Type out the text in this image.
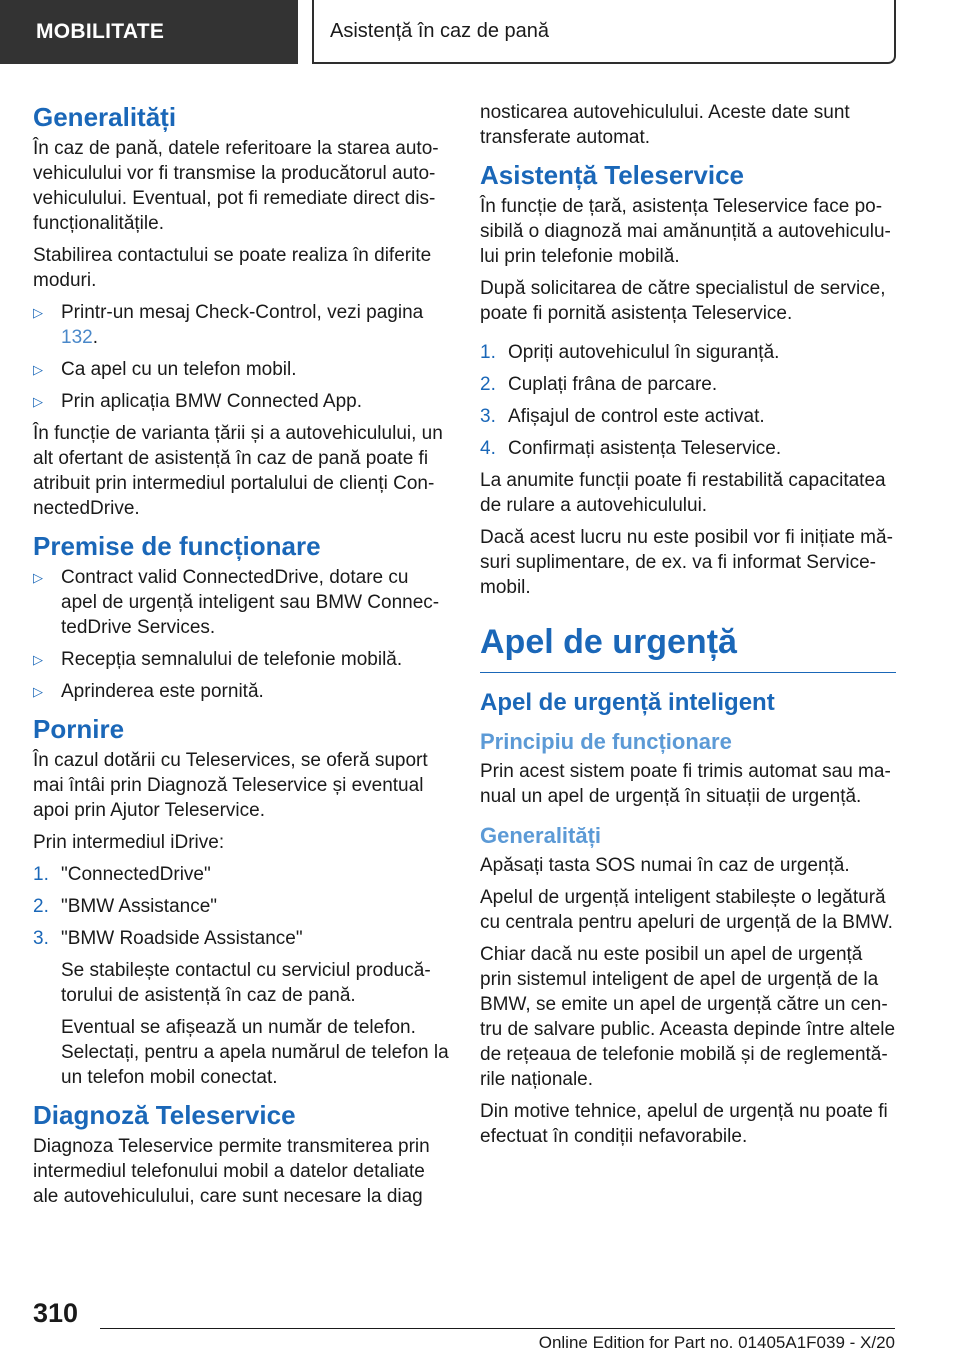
MOBILITATE	Asistență în caz de pană
Generalități

În caz de pană, datele referitoare la starea autovehiculului vor fi transmise la producătorul autovehiculului. Eventual, pot fi remediate direct disfuncționalitățile.

Stabilirea contactului se poate realiza în diferite moduri.

▷ Printr-un mesaj Check-Control, vezi pagina 132.
▷ Ca apel cu un telefon mobil.
▷ Prin aplicația BMW Connected App.

În funcție de varianta țării și a autovehiculului, un alt ofertant de asistență în caz de pană poate fi atribuit prin intermediul portalului de clienți ConnectedDrive.

Premise de funcționare
▷ Contract valid ConnectedDrive, dotare cu apel de urgență inteligent sau BMW ConnectedDrive Services.
▷ Recepția semnalului de telefonie mobilă.
▷ Aprinderea este pornită.
Pornire

În cazul dotării cu Teleservices, se oferă suport mai întâi prin Diagnoză Teleservice și eventual apoi prin Ajutor Teleservice.

Prin intermediul iDrive:

1. "ConnectedDrive"
2. "BMW Assistance"
3. "BMW Roadside Assistance"
Se stabilește contactul cu serviciul producătorului de asistență în caz de pană.
Eventual se afișează un număr de telefon. Selectați, pentru a apela numărul de telefon la un telefon mobil conectat.
Diagnoză Teleservice

Diagnoza Teleservice permite transmiterea prin intermediul telefonului mobil a datelor detaliate ale autovehiculului, care sunt necesare la diag

nosticarea autovehiculului. Aceste date sunt transferate automat.

Asistență Teleservice

În funcție de țară, asistența Teleservice face posibilă o diagnoză mai amănunțită a autovehiculului prin telefonie mobilă.

După solicitarea de către specialistul de service, poate fi pornită asistența Teleservice.

1. Opriți autovehiculul în siguranță.
2. Cuplați frâna de parcare.
3. Afișajul de control este activat.
4. Confirmați asistența Teleservice.

La anumite funcții poate fi restabilită capacitatea de rulare a autovehiculului.

Dacă acest lucru nu este posibil vor fi inițiate măsuri suplimentare, de ex. va fi informat Service-mobil.

Apel de urgență
Apel de urgență inteligent
Principiu de funcționare

Prin acest sistem poate fi trimis automat sau manual un apel de urgență în situații de urgență.

Generalități

Apăsați tasta SOS numai în caz de urgență.

Apelul de urgență inteligent stabilește o legătură cu centrala pentru apeluri de urgență de la BMW.

Chiar dacă nu este posibil un apel de urgență prin sistemul inteligent de apel de urgență de la BMW, se emite un apel de urgență către un centru de salvare public. Aceasta depinde între altele de rețeaua de telefonie mobilă și de reglementările naționale.

Din motive tehnice, apelul de urgență nu poate fi efectuat în condiții nefavorabile.

310
Online Edition for Part no. 01405A1F039 - X/20
